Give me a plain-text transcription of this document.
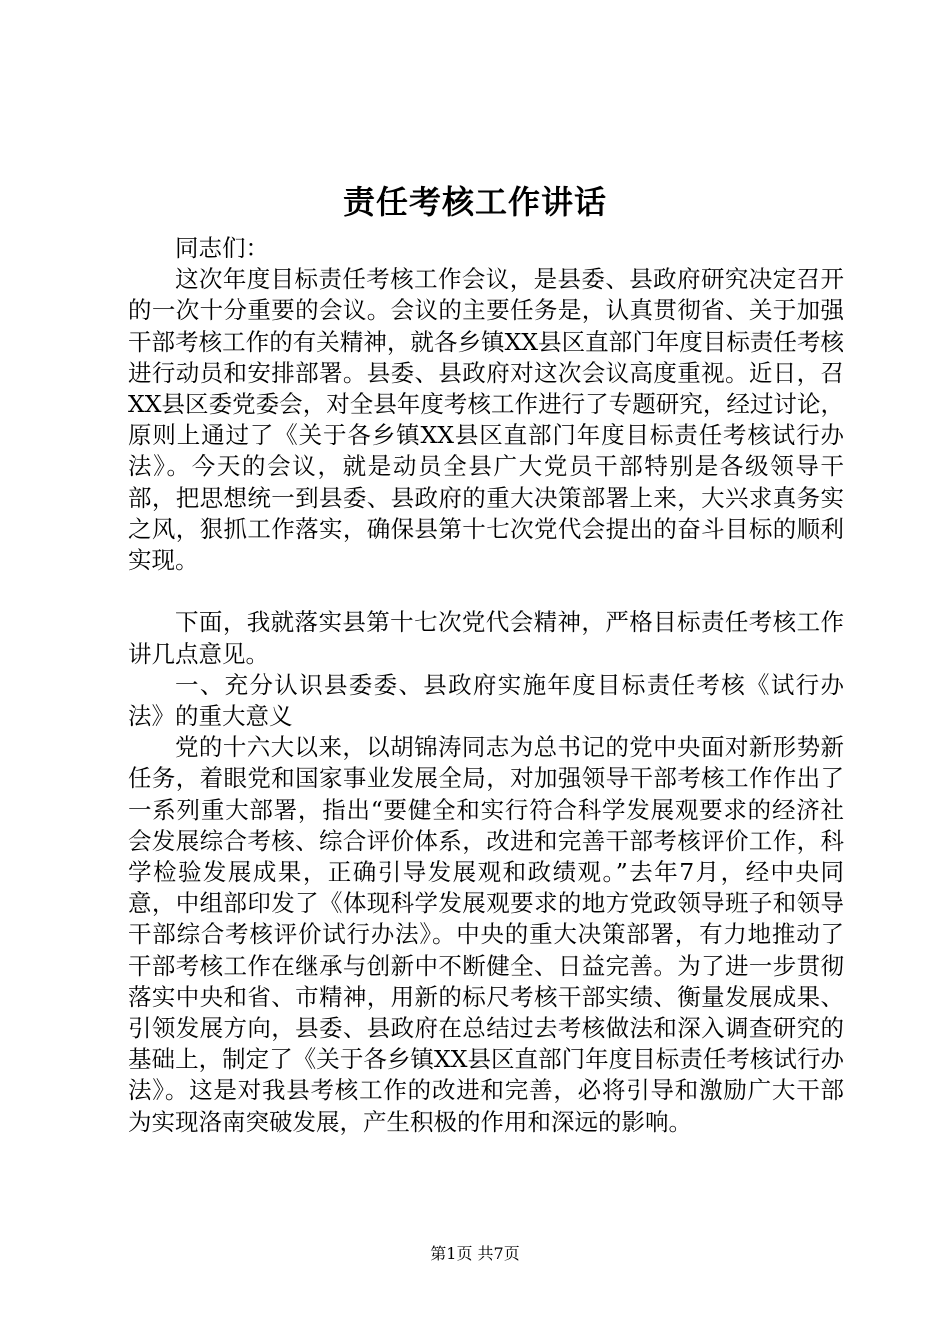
责任考核工作讲话

同志们：

这次年度目标责任考核工作会议，是县委、县政府研究决定召开的一次十分重要的会议。会议的主要任务是，认真贯彻省、关于加强干部考核工作的有关精神，就各乡镇XX县区直部门年度目标责任考核进行动员和安排部署。县委、县政府对这次会议高度重视。近日，召XX县区委党委会，对全县年度考核工作进行了专题研究，经过讨论，原则上通过了《关于各乡镇XX县区直部门年度目标责任考核试行办法》。今天的会议，就是动员全县广大党员干部特别是各级领导干部，把思想统一到县委、县政府的重大决策部署上来，大兴求真务实之风，狠抓工作落实，确保县第十七次党代会提出的奋斗目标的顺利实现。

下面，我就落实县第十七次党代会精神，严格目标责任考核工作讲几点意见。

一、充分认识县委委、县政府实施年度目标责任考核《试行办法》的重大意义

党的十六大以来，以胡锦涛同志为总书记的党中央面对新形势新任务，着眼党和国家事业发展全局，对加强领导干部考核工作作出了一系列重大部署，指出“要健全和实行符合科学发展观要求的经济社会发展综合考核、综合评价体系，改进和完善干部考核评价工作，科学检验发展成果，正确引导发展观和政绩观。”去年7月，经中央同意，中组部印发了《体现科学发展观要求的地方党政领导班子和领导干部综合考核评价试行办法》。中央的重大决策部署，有力地推动了干部考核工作在继承与创新中不断健全、日益完善。为了进一步贯彻落实中央和省、市精神，用新的标尺考核干部实绩、衡量发展成果、引领发展方向，县委、县政府在总结过去考核做法和深入调查研究的基础上，制定了《关于各乡镇XX县区直部门年度目标责任考核试行办法》。这是对我县考核工作的改进和完善，必将引导和激励广大干部为实现洛南突破发展，产生积极的作用和深远的影响。

第1页 共7页
